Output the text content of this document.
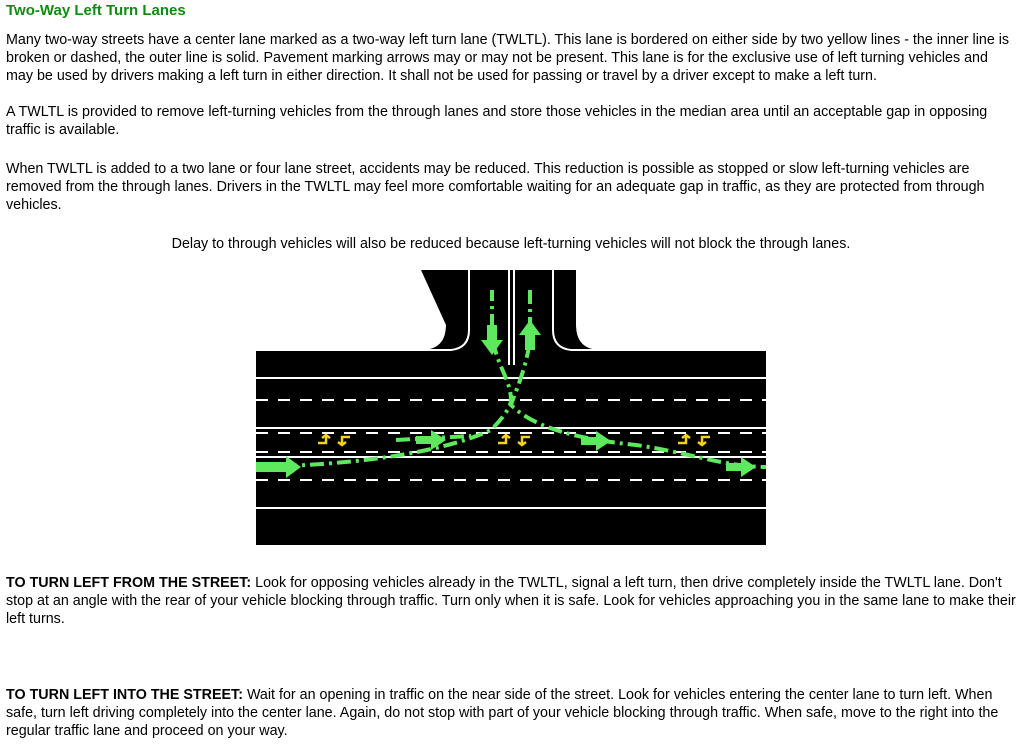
Two-Way Left Turn Lanes

Many two-way streets have a center lane marked as a two-way left turn lane (TWLTL). This lane is bordered on either side by two yellow lines - the inner line is broken or dashed, the outer line is solid. Pavement marking arrows may or may not be present. This lane is for the exclusive use of left turning vehicles and may be used by drivers making a left turn in either direction. It shall not be used for passing or travel by a driver except to make a left turn.

A TWLTL is provided to remove left-turning vehicles from the through lanes and store those vehicles in the median area until an acceptable gap in opposing traffic is available.

When TWLTL is added to a two lane or four lane street, accidents may be reduced. This reduction is possible as stopped or slow left-turning vehicles are removed from the through lanes. Drivers in the TWLTL may feel more comfortable waiting for an adequate gap in traffic, as they are protected from through vehicles.

Delay to through vehicles will also be reduced because left-turning vehicles will not block the through lanes.

TO TURN LEFT FROM THE STREET: Look for opposing vehicles already in the TWLTL, signal a left turn, then drive completely inside the TWLTL lane. Don't stop at an angle with the rear of your vehicle blocking through traffic. Turn only when it is safe. Look for vehicles approaching you in the same lane to make their left turns.

TO TURN LEFT INTO THE STREET: Wait for an opening in traffic on the near side of the street. Look for vehicles entering the center lane to turn left. When safe, turn left driving completely into the center lane. Again, do not stop with part of your vehicle blocking through traffic. When safe, move to the right into the regular traffic lane and proceed on your way.
